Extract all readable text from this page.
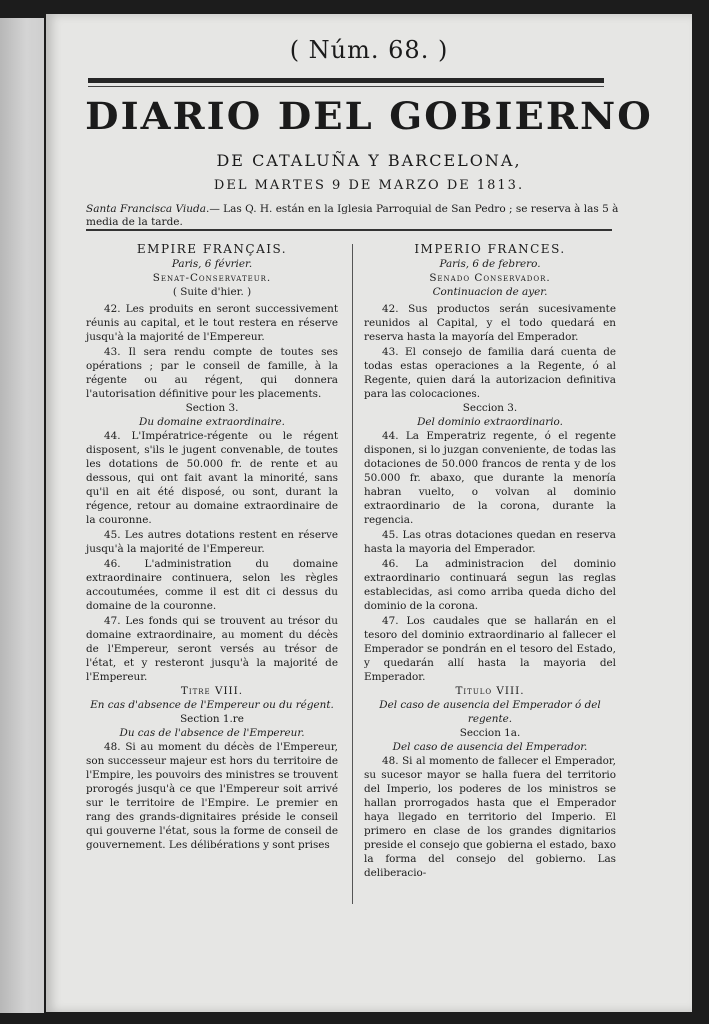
( Núm. 68. )
DIARIO DEL GOBIERNO
DE CATALUÑA Y BARCELONA,
DEL MARTES 9 DE MARZO DE 1813.
Santa Francisca Viuda.— Las Q. H. están en la Iglesia Parroquial de San Pedro ; se reserva à las 5 à media de la tarde.

EMPIRE FRANÇAIS.

Paris, 6 février.

Senat-Conservateur.

( Suite d'hier. )

42. Les produits en seront successivement réunis au capital, et le tout restera en réserve jusqu'à la majorité de l'Empereur.

43. Il sera rendu compte de toutes ses opérations ; par le conseil de famille, à la régente ou au régent, qui donnera l'autorisation définitive pour les placements.

Section 3.

Du domaine extraordinaire.

44. L'Impératrice-régente ou le régent disposent, s'ils le jugent convenable, de toutes les dotations de 50.000 fr. de rente et au dessous, qui ont fait avant la minorité, sans qu'il en ait été disposé, ou sont, durant la régence, retour au domaine extraordinaire de la couronne.

45. Les autres dotations restent en réserve jusqu'à la majorité de l'Empereur.

46. L'administration du domaine extraordinaire continuera, selon les règles accoutumées, comme il est dit ci dessus du domaine de la couronne.

47. Les fonds qui se trouvent au trésor du domaine extraordinaire, au moment du décès de l'Empereur, seront versés au trésor de l'état, et y resteront jusqu'à la majorité de l'Empereur.

Titre VIII.

En cas d'absence de l'Empereur ou du régent.

Section 1.re

Du cas de l'absence de l'Empereur.

48. Si au moment du décès de l'Empereur, son successeur majeur est hors du territoire de l'Empire, les pouvoirs des ministres se trouvent prorogés jusqu'à ce que l'Empereur soit arrivé sur le territoire de l'Empire. Le premier en rang des grands-dignitaires préside le conseil qui gouverne l'état, sous la forme de conseil de gouvernement. Les délibérations y sont prises

IMPERIO FRANCES.

Paris, 6 de febrero.

Senado Conservador.

Continuacion de ayer.

42. Sus productos serán sucesivamente reunidos al Capital, y el todo quedará en reserva hasta la mayoría del Emperador.

43. El consejo de familia dará cuenta de todas estas operaciones a la Regente, ó al Regente, quien dará la autorizacion definitiva para las colocaciones.

Seccion 3.

Del dominio extraordinario.

44. La Emperatriz regente, ó el regente disponen, si lo juzgan conveniente, de todas las dotaciones de 50.000 francos de renta y de los 50.000 fr. abaxo, que durante la menoría habran vuelto, o volvan al dominio extraordinario de la corona, durante la regencia.

45. Las otras dotaciones quedan en reserva hasta la mayoria del Emperador.

46. La administracion del dominio extraordinario continuará segun las reglas establecidas, asi como arriba queda dicho del dominio de la corona.

47. Los caudales que se hallarán en el tesoro del dominio extraordinario al fallecer el Emperador se pondrán en el tesoro del Estado, y quedarán allí hasta la mayoria del Emperador.

Titulo VIII.

Del caso de ausencia del Emperador ó del regente.

Seccion 1a.

Del caso de ausencia del Emperador.

48. Si al momento de fallecer el Emperador, su sucesor mayor se halla fuera del territorio del Imperio, los poderes de los ministros se hallan prorrogados hasta que el Emperador haya llegado en territorio del Imperio. El primero en clase de los grandes dignitarios preside el consejo que gobierna el estado, baxo la forma del consejo del gobierno. Las deliberacio-
